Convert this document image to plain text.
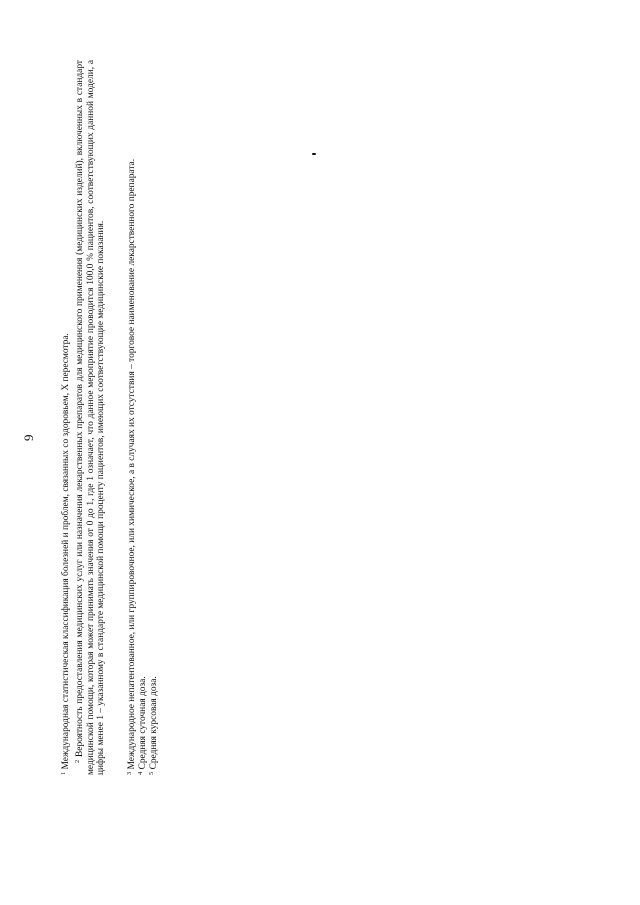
9
$^1$ Международная статистическая классификация болезней и проблем, связанных со здоровьем, X пересмотра. $^2$ Вероятность предоставления медицинских услуг или назначения лекарственных препаратов для медицинского применения (медицинских изделий), включенных в стандарт медицинской помощи, которая может принимать значения от 0 до 1, где 1 означает, что данное мероприятие проводится 100,0 % пациентов, соответствующих данной модели, а цифры менее 1 – указанному в стандарте медицинской помощи проценту пациентов, имеющих соответствующие медицинские показания.	$^3$ Международное непатентованное, или группировочное, или химическое, а в случаях их отсутствия – торговое наименование лекарственного препарата.
$^4$ Средняя суточная доза.
$^5$ Средняя курсовая доза.
